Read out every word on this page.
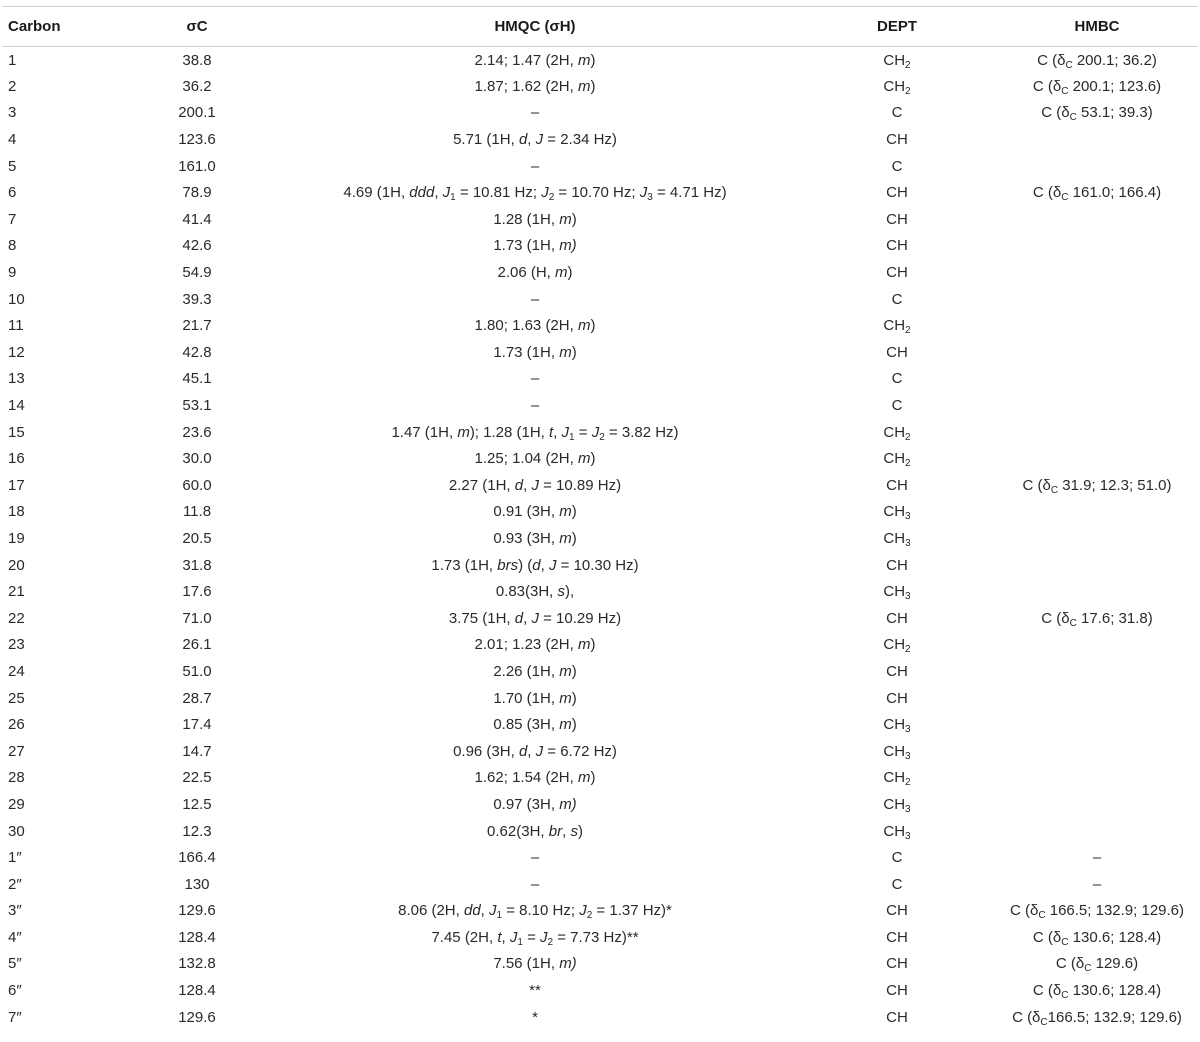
Carbon	σC	HMQC (σH)	DEPT	HMBC
1	38.8	2.14; 1.47 (2H, m)	$CH_2$	C ($\delta_C$ 200.1; 36.2)
2	36.2	1.87; 1.62 (2H, m)	$CH_2$	C ($\delta_C$ 200.1; 123.6)
3	200.1	–	C	C ($\delta_C$ 53.1; 39.3)
4	123.6	5.71 (1H, d, J = 2.34 Hz)	CH	
5	161.0	–	C	
6	78.9	4.69 (1H, ddd, $J_1 = 10.81$ Hz; $J_2 = 10.70$ Hz; $J_3 = 4.71$ Hz)	CH	C ($\delta_C$ 161.0; 166.4)
7	41.4	1.28 (1H, m)	CH	
8	42.6	1.73 (1H, m)	CH	
9	54.9	2.06 (H, m)	CH	
10	39.3	–	C	
11	21.7	1.80; 1.63 (2H, m)	$CH_2$	
12	42.8	1.73 (1H, m)	CH	
13	45.1	–	C	
14	53.1	–	C	
15	23.6	1.47 (1H, m); 1.28 (1H, t, $J_1 = J_2 = 3.82$ Hz)	$CH_2$	
16	30.0	1.25; 1.04 (2H, m)	$CH_2$	
17	60.0	2.27 (1H, d, J = 10.89 Hz)	CH	C ($\delta_C$ 31.9; 12.3; 51.0)
18	11.8	0.91 (3H, m)	$CH_3$	
19	20.5	0.93 (3H, m)	$CH_3$	
20	31.8	1.73 (1H, brs) (d, J = 10.30 Hz)	CH	
21	17.6	0.83(3H, s),	$CH_3$	
22	71.0	3.75 (1H, d, J = 10.29 Hz)	CH	C ($\delta_C$ 17.6; 31.8)
23	26.1	2.01; 1.23 (2H, m)	$CH_2$	
24	51.0	2.26 (1H, m)	CH	
25	28.7	1.70 (1H, m)	CH	
26	17.4	0.85 (3H, m)	$CH_3$	
27	14.7	0.96 (3H, d, J = 6.72 Hz)	$CH_3$	
28	22.5	1.62; 1.54 (2H, m)	$CH_2$	
29	12.5	0.97 (3H, m)	$CH_3$	
30	12.3	0.62(3H, br, s)	$CH_3$	
1″	166.4	–	C	–
2″	130	–	C	–
3″	129.6	8.06 (2H, dd, $J_1 = 8.10$ Hz; $J_2 = 1.37$ Hz)*	CH	C ($\delta_C$ 166.5; 132.9; 129.6)
4″	128.4	7.45 (2H, t, $J_1 = J_2 = 7.73$ Hz)**	CH	C ($\delta_C$ 130.6; 128.4)
5″	132.8	7.56 (1H, m)	CH	C ($\delta_C$ 129.6)
6″	128.4	**	CH	C ($\delta_C$ 130.6; 128.4)
7″	129.6	*	CH	C ($\delta_C166.5$; 132.9; 129.6)
